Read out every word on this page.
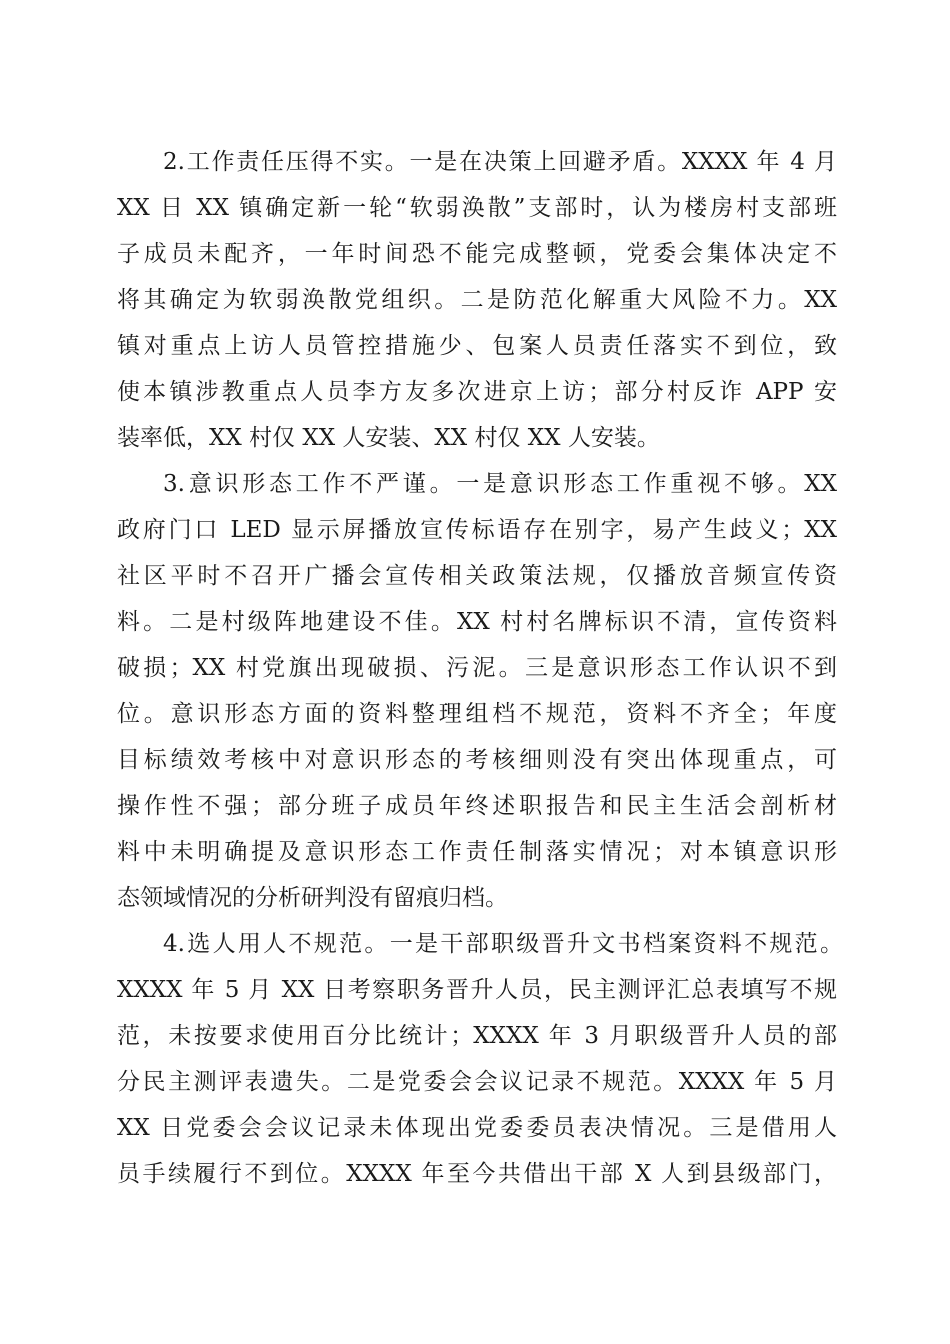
2.工作责任压得不实。一是在决策上回避矛盾。XXXX 年 4 月
XX 日 XX 镇确定新一轮“软弱涣散”支部时，认为楼房村支部班
子成员未配齐，一年时间恐不能完成整顿，党委会集体决定不
将其确定为软弱涣散党组织。二是防范化解重大风险不力。XX
镇对重点上访人员管控措施少、包案人员责任落实不到位，致
使本镇涉教重点人员李方友多次进京上访；部分村反诈 APP 安
装率低，XX 村仅 XX 人安装、XX 村仅 XX 人安装。
3.意识形态工作不严谨。一是意识形态工作重视不够。XX
政府门口 LED 显示屏播放宣传标语存在别字，易产生歧义；XX
社区平时不召开广播会宣传相关政策法规，仅播放音频宣传资
料。二是村级阵地建设不佳。XX 村村名牌标识不清，宣传资料
破损；XX 村党旗出现破损、污泥。三是意识形态工作认识不到
位。意识形态方面的资料整理组档不规范，资料不齐全；年度
目标绩效考核中对意识形态的考核细则没有突出体现重点，可
操作性不强；部分班子成员年终述职报告和民主生活会剖析材
料中未明确提及意识形态工作责任制落实情况；对本镇意识形
态领域情况的分析研判没有留痕归档。
4.选人用人不规范。一是干部职级晋升文书档案资料不规范。
XXXX 年 5 月 XX 日考察职务晋升人员，民主测评汇总表填写不规
范，未按要求使用百分比统计；XXXX 年 3 月职级晋升人员的部
分民主测评表遗失。二是党委会会议记录不规范。XXXX 年 5 月
XX 日党委会会议记录未体现出党委委员表决情况。三是借用人
员手续履行不到位。XXXX 年至今共借出干部 X 人到县级部门，
